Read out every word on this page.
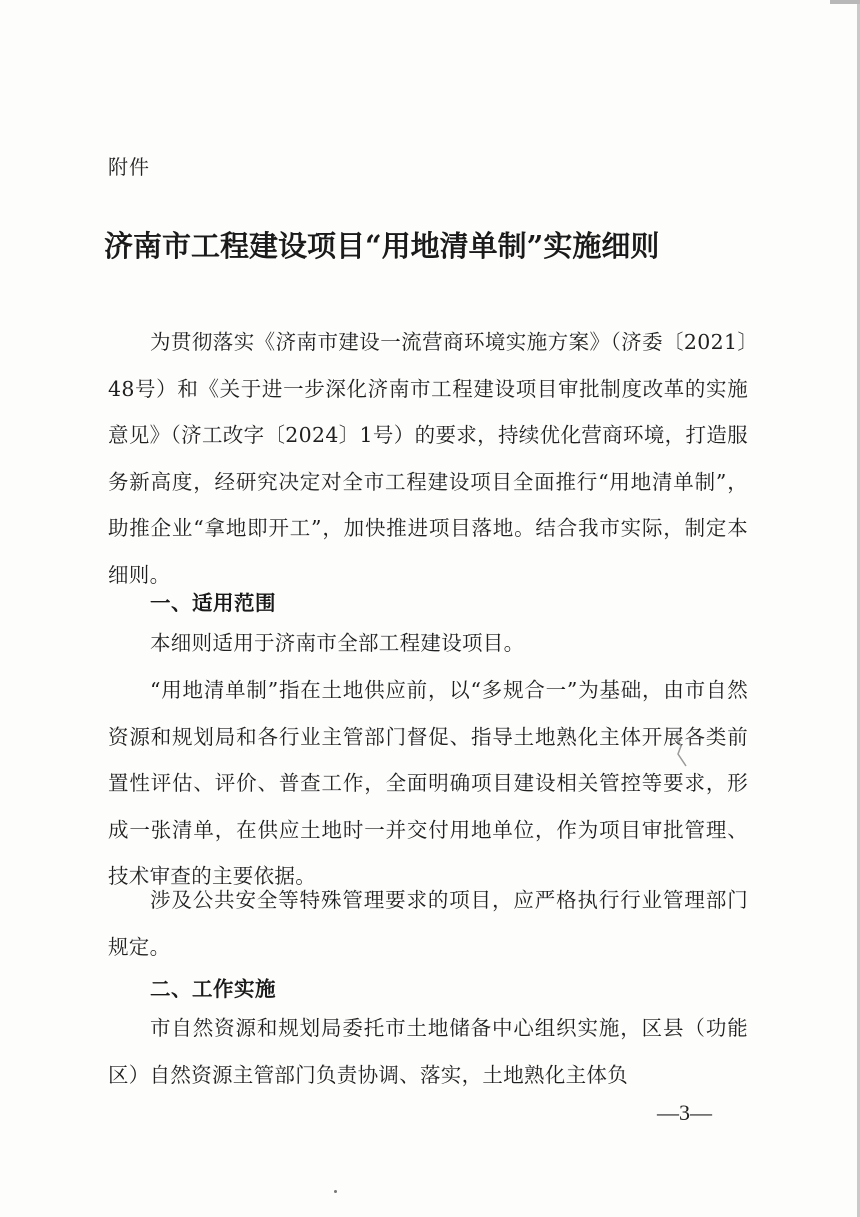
附件
济南市工程建设项目“用地清单制”实施细则
为贯彻落实《济南市建设一流营商环境实施方案》（济委〔2021〕48号）和《关于进一步深化济南市工程建设项目审批制度改革的实施意见》（济工改字〔2024〕1号）的要求，持续优化营商环境，打造服务新高度，经研究决定对全市工程建设项目全面推行“用地清单制”，助推企业“拿地即开工”，加快推进项目落地。结合我市实际，制定本细则。
一、适用范围
本细则适用于济南市全部工程建设项目。
“用地清单制”指在土地供应前，以“多规合一”为基础，由市自然资源和规划局和各行业主管部门督促、指导土地熟化主体开展各类前置性评估、评价、普查工作，全面明确项目建设相关管控等要求，形成一张清单，在供应土地时一并交付用地单位，作为项目审批管理、技术审查的主要依据。
涉及公共安全等特殊管理要求的项目，应严格执行行业管理部门规定。
二、工作实施
市自然资源和规划局委托市土地储备中心组织实施，区县（功能区）自然资源主管部门负责协调、落实，土地熟化主体负
—3—
